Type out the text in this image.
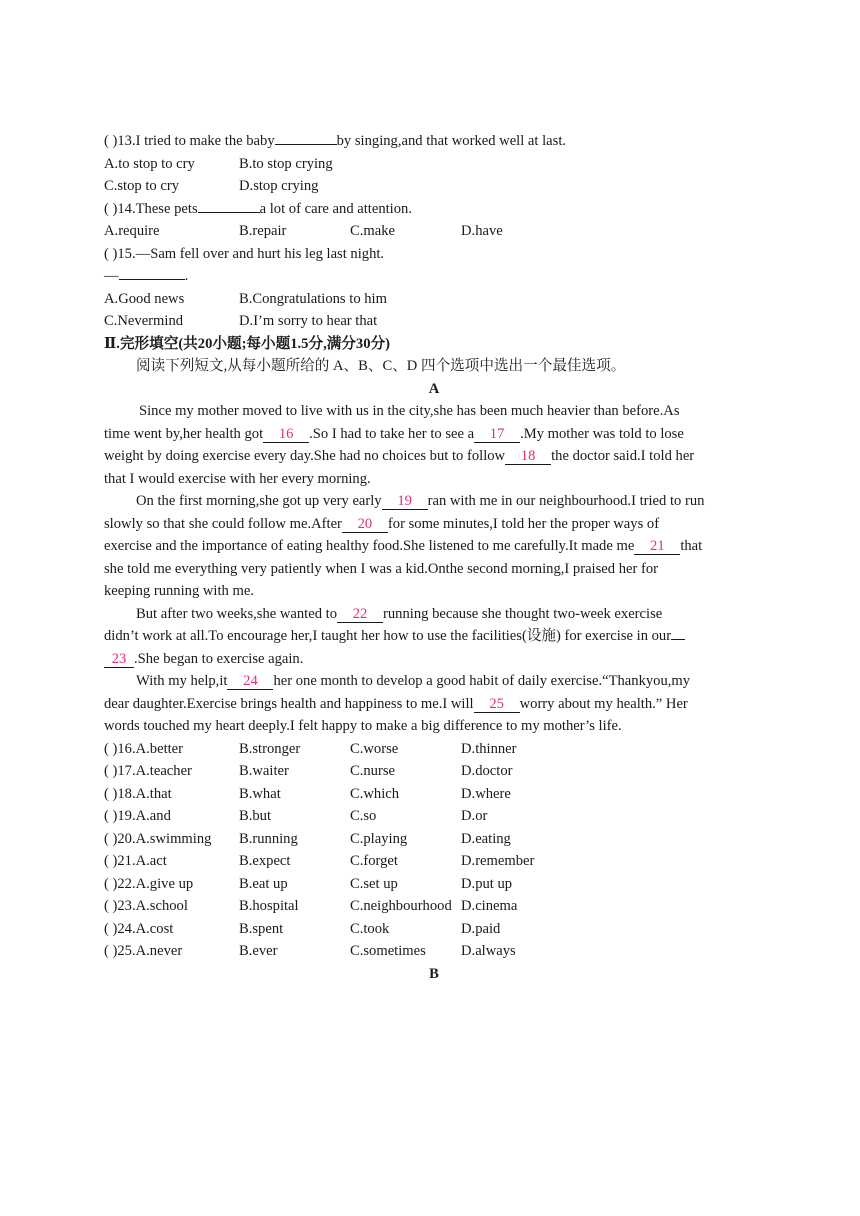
( )13.I tried to make the baby	by singing,and that worked well at last.
A.to stop to cry	B.to stop crying
C.stop to cry	D.stop crying
( )14.These pets	a lot of care and attention.
A.require	B.repair	C.make	D.have
( )15.—Sam fell over and hurt his leg last night.
—	.
A.Good news	B.Congratulations to him
C.Nevermind	D.I’m sorry to hear that
Ⅱ.完形填空(共20小题;每小题1.5分,满分30分)
阅读下列短文,从每小题所给的 A、B、C、D 四个选项中选出一个最佳选项。
A
Since my mother moved to live with us in the city,she has been much heavier than before.As
time went by,her health got 16 .So I had to take her to see a 17 .My mother was told to lose
weight by doing exercise every day.She had no choices but to follow 18 the doctor said.I told her
that I would exercise with her every morning.
On the first morning,she got up very early 19 ran with me in our neighbourhood.I tried to run
slowly so that she could follow me.After 20 for some minutes,I told her the proper ways of
exercise and the importance of eating healthy food.She listened to me carefully.It made me 21 that
she told me everything very patiently when I was a kid.Onthe second morning,I praised her for
keeping running with me.
But after two weeks,she wanted to 22 running because she thought two-week exercise
didn’t work at all.To encourage her,I taught her how to use the facilities(设施) for exercise in our
23 .She began to exercise again.
With my help,it 24 her one month to develop a good habit of daily exercise.“Thankyou,my
dear daughter.Exercise brings health and happiness to me.I will 25 worry about my health.” Her
words touched my heart deeply.I felt happy to make a big difference to my mother’s life.
( )16.A.better	B.stronger	C.worse	D.thinner
( )17.A.teacher	B.waiter	C.nurse	D.doctor
( )18.A.that	B.what	C.which	D.where
( )19.A.and	B.but	C.so	D.or
( )20.A.swimming B.running	C.playing	D.eating
( )21.A.act	B.expect	C.forget	D.remember
( )22.A.give up	B.eat up	C.set up	D.put up
( )23.A.school	B.hospital	C.neighbourhood D.cinema
( )24.A.cost	B.spent	C.took	D.paid
( )25.A.never	B.ever	C.sometimes D.always
B
